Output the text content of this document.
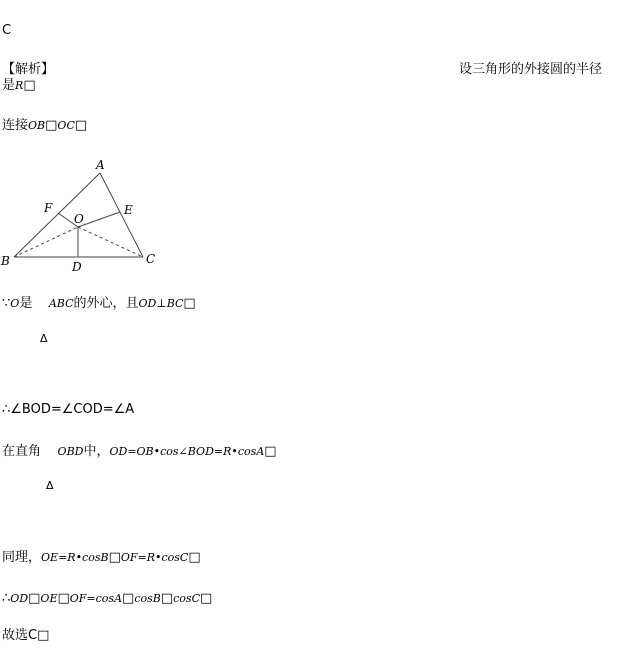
C
【解析】	设三角形的外接圆的半径
是R□
连接OB□OC□
A
B	C
D
E
F
O
∵O是 ABC的外心，且OD⊥BC□
Δ
∴∠BOD=∠COD=∠A
在直角 OBD中，OD=OB•cos∠BOD=R•cosA□
Δ
同理，OE=R•cosB□OF=R•cosC□
∴OD□OE□OF=cosA□cosB□cosC□
故选C□
